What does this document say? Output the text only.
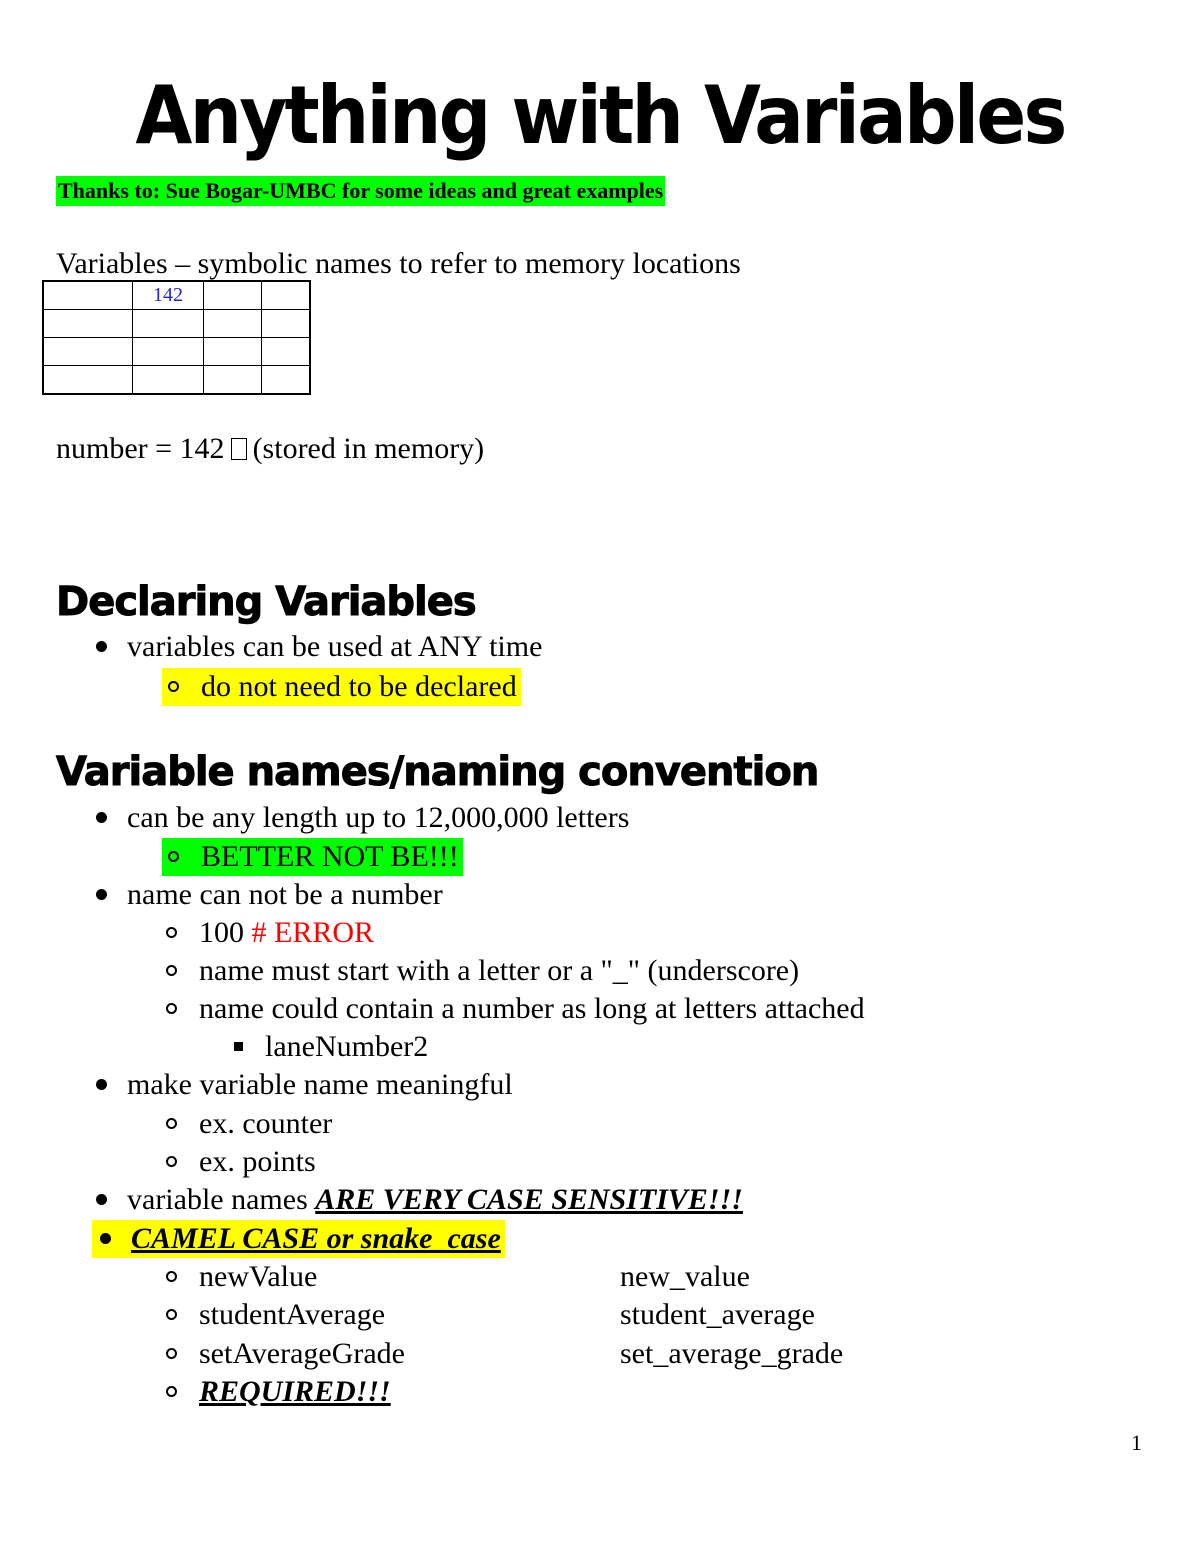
Anything with Variables
Thanks to: Sue Bogar-UMBC for some ideas and great examples
Variables – symbolic names to refer to memory locations
	142		

number = 142 (stored in memory)
Declaring Variables
variables can be used at ANY time
do not need to be declared
Variable names/naming convention
can be any length up to 12,000,000 letters
BETTER NOT BE!!!
name can not be a number
100 # ERROR
name must start with a letter or a "_" (underscore)
name could contain a number as long at letters attached
laneNumber2
make variable name meaningful
ex. counter
ex. points
variable names ARE VERY CASE SENSITIVE!!!
CAMEL CASE or snake_case
newValue	new_value
studentAverage	student_average
setAverageGrade	set_average_grade
REQUIRED!!!
1
